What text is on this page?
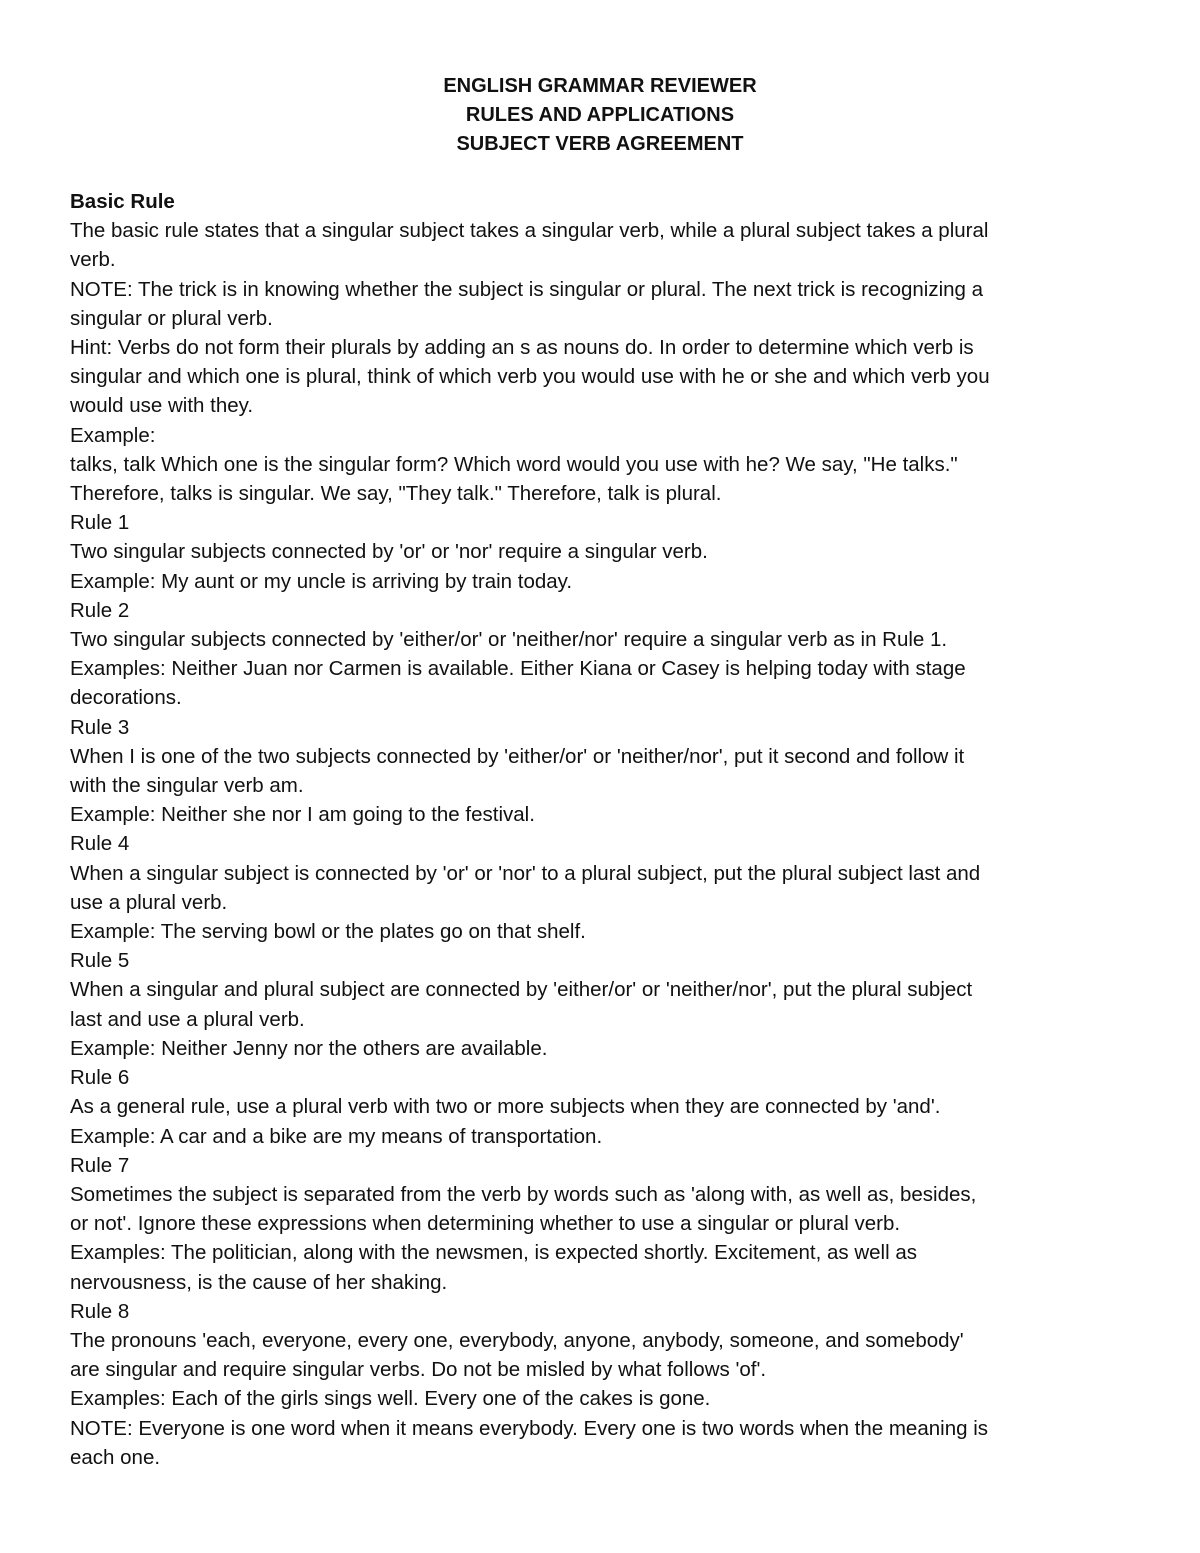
ENGLISH GRAMMAR REVIEWER
RULES AND APPLICATIONS
SUBJECT VERB AGREEMENT
Basic Rule
The basic rule states that a singular subject takes a singular verb, while a plural subject takes a plural
verb.
NOTE: The trick is in knowing whether the subject is singular or plural. The next trick is recognizing a
singular or plural verb.
Hint: Verbs do not form their plurals by adding an s as nouns do. In order to determine which verb is
singular and which one is plural, think of which verb you would use with he or she and which verb you
would use with they.
Example:
talks, talk Which one is the singular form? Which word would you use with he? We say, "He talks."
Therefore, talks is singular. We say, "They talk." Therefore, talk is plural.
Rule 1
Two singular subjects connected by 'or' or 'nor' require a singular verb.
Example: My aunt or my uncle is arriving by train today.
Rule 2
Two singular subjects connected by 'either/or' or 'neither/nor' require a singular verb as in Rule 1.
Examples: Neither Juan nor Carmen is available. Either Kiana or Casey is helping today with stage
decorations.
Rule 3
When I is one of the two subjects connected by 'either/or' or 'neither/nor', put it second and follow it
with the singular verb am.
Example: Neither she nor I am going to the festival.
Rule 4
When a singular subject is connected by 'or' or 'nor' to a plural subject, put the plural subject last and
use a plural verb.
Example: The serving bowl or the plates go on that shelf.
Rule 5
When a singular and plural subject are connected by 'either/or' or 'neither/nor', put the plural subject
last and use a plural verb.
Example: Neither Jenny nor the others are available.
Rule 6
As a general rule, use a plural verb with two or more subjects when they are connected by 'and'.
Example: A car and a bike are my means of transportation.
Rule 7
Sometimes the subject is separated from the verb by words such as 'along with, as well as, besides,
or not'. Ignore these expressions when determining whether to use a singular or plural verb.
Examples: The politician, along with the newsmen, is expected shortly. Excitement, as well as
nervousness, is the cause of her shaking.
Rule 8
The pronouns 'each, everyone, every one, everybody, anyone, anybody, someone, and somebody'
are singular and require singular verbs. Do not be misled by what follows 'of'.
Examples: Each of the girls sings well. Every one of the cakes is gone.
NOTE: Everyone is one word when it means everybody. Every one is two words when the meaning is
each one.
